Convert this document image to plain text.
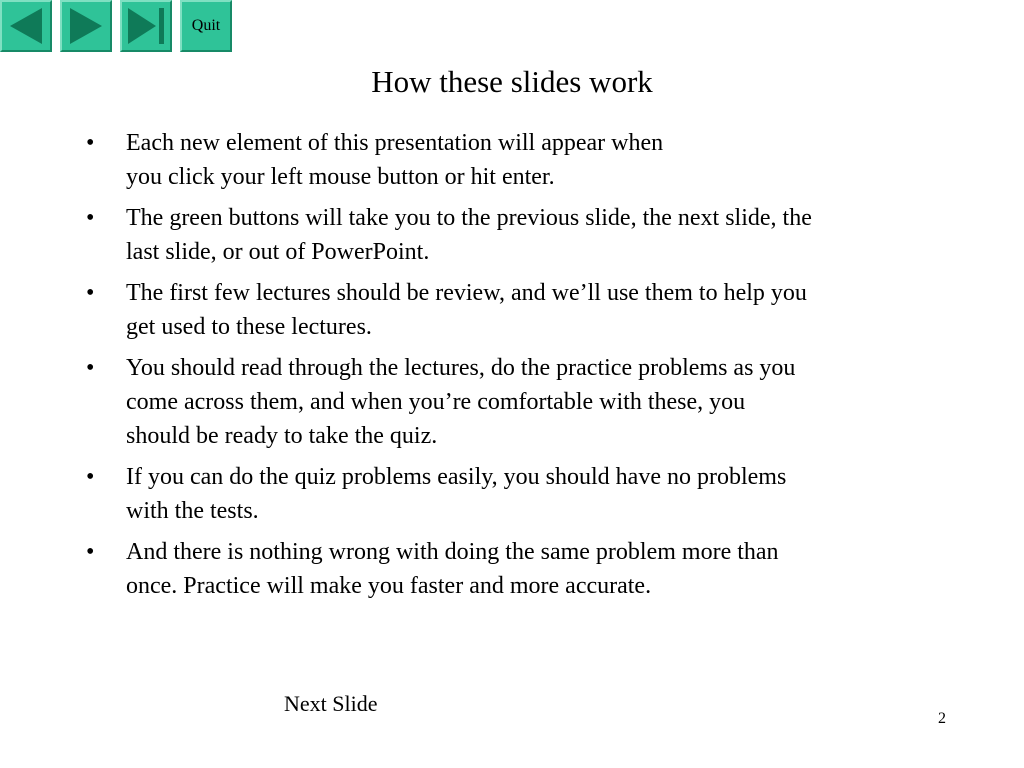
Quit
How these slides work
• Each new element of this presentation will appear when
you click your left mouse button or hit enter.
• The green buttons will take you to the previous slide, the next slide, the
last slide, or out of PowerPoint.
• The first few lectures should be review, and we’ll use them to help you
get used to these lectures.
• You should read through the lectures, do the practice problems as you
come across them, and when you’re comfortable with these, you
should be ready to take the quiz.
• If you can do the quiz problems easily, you should have no problems
with the tests.
• And there is nothing wrong with doing the same problem more than
once. Practice will make you faster and more accurate.
Next Slide
2
